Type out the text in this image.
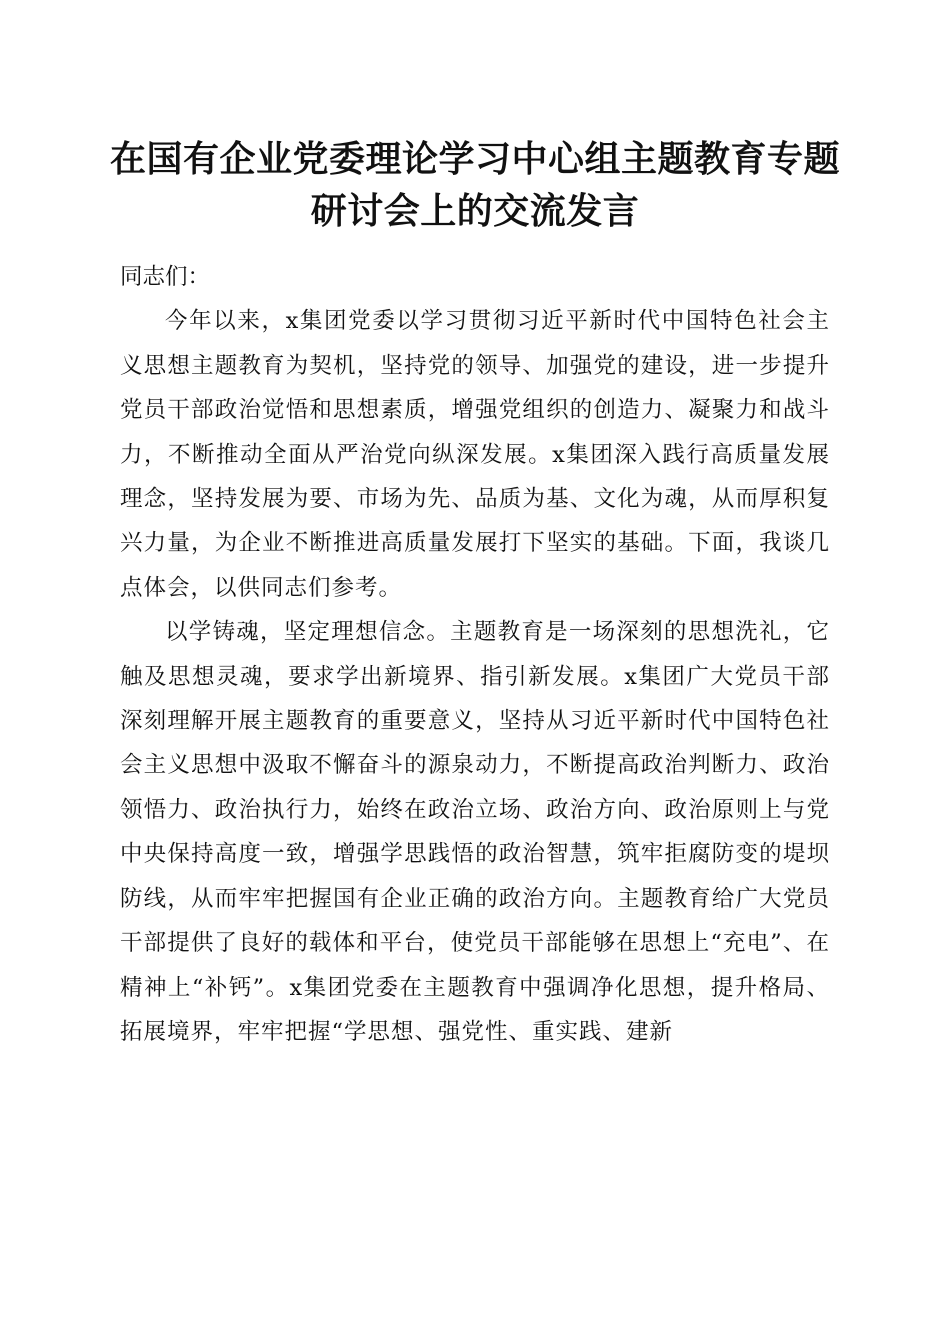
在国有企业党委理论学习中心组主题教育专题
研讨会上的交流发言

同志们：

今年以来，x集团党委以学习贯彻习近平新时代中国特色社会主义思想主题教育为契机，坚持党的领导、加强党的建设，进一步提升党员干部政治觉悟和思想素质，增强党组织的创造力、凝聚力和战斗力，不断推动全面从严治党向纵深发展。x集团深入践行高质量发展理念，坚持发展为要、市场为先、品质为基、文化为魂，从而厚积复兴力量，为企业不断推进高质量发展打下坚实的基础。下面，我谈几点体会，以供同志们参考。

以学铸魂，坚定理想信念。主题教育是一场深刻的思想洗礼，它触及思想灵魂，要求学出新境界、指引新发展。x集团广大党员干部深刻理解开展主题教育的重要意义，坚持从习近平新时代中国特色社会主义思想中汲取不懈奋斗的源泉动力，不断提高政治判断力、政治领悟力、政治执行力，始终在政治立场、政治方向、政治原则上与党中央保持高度一致，增强学思践悟的政治智慧，筑牢拒腐防变的堤坝防线，从而牢牢把握国有企业正确的政治方向。主题教育给广大党员干部提供了良好的载体和平台，使党员干部能够在思想上“充电”、在精神上“补钙”。x集团党委在主题教育中强调净化思想，提升格局、拓展境界，牢牢把握“学思想、强党性、重实践、建新
